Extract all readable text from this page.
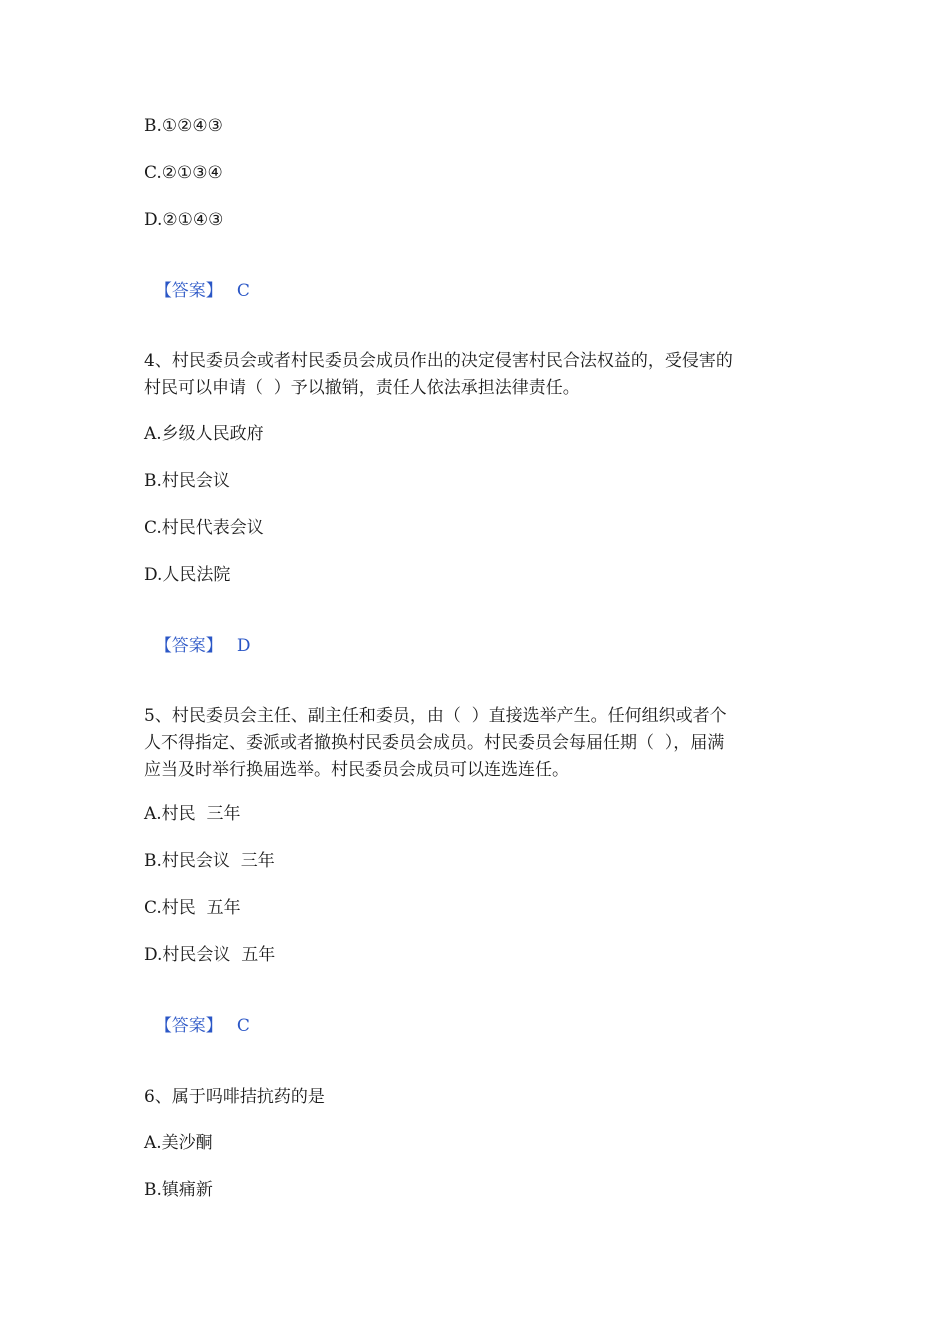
B.①②④③

C.②①③④

D.②①④③

【答案】 C

4、村民委员会或者村民委员会成员作出的决定侵害村民合法权益的，受侵害的
村民可以申请（  ）予以撤销，责任人依法承担法律责任。

A.乡级人民政府

B.村民会议

C.村民代表会议

D.人民法院

【答案】 D

5、村民委员会主任、副主任和委员，由（  ）直接选举产生。任何组织或者个
人不得指定、委派或者撤换村民委员会成员。村民委员会每届任期（  ），届满
应当及时举行换届选举。村民委员会成员可以连选连任。

A.村民  三年

B.村民会议  三年

C.村民  五年

D.村民会议  五年

【答案】 C

6、属于吗啡拮抗药的是

A.美沙酮

B.镇痛新
